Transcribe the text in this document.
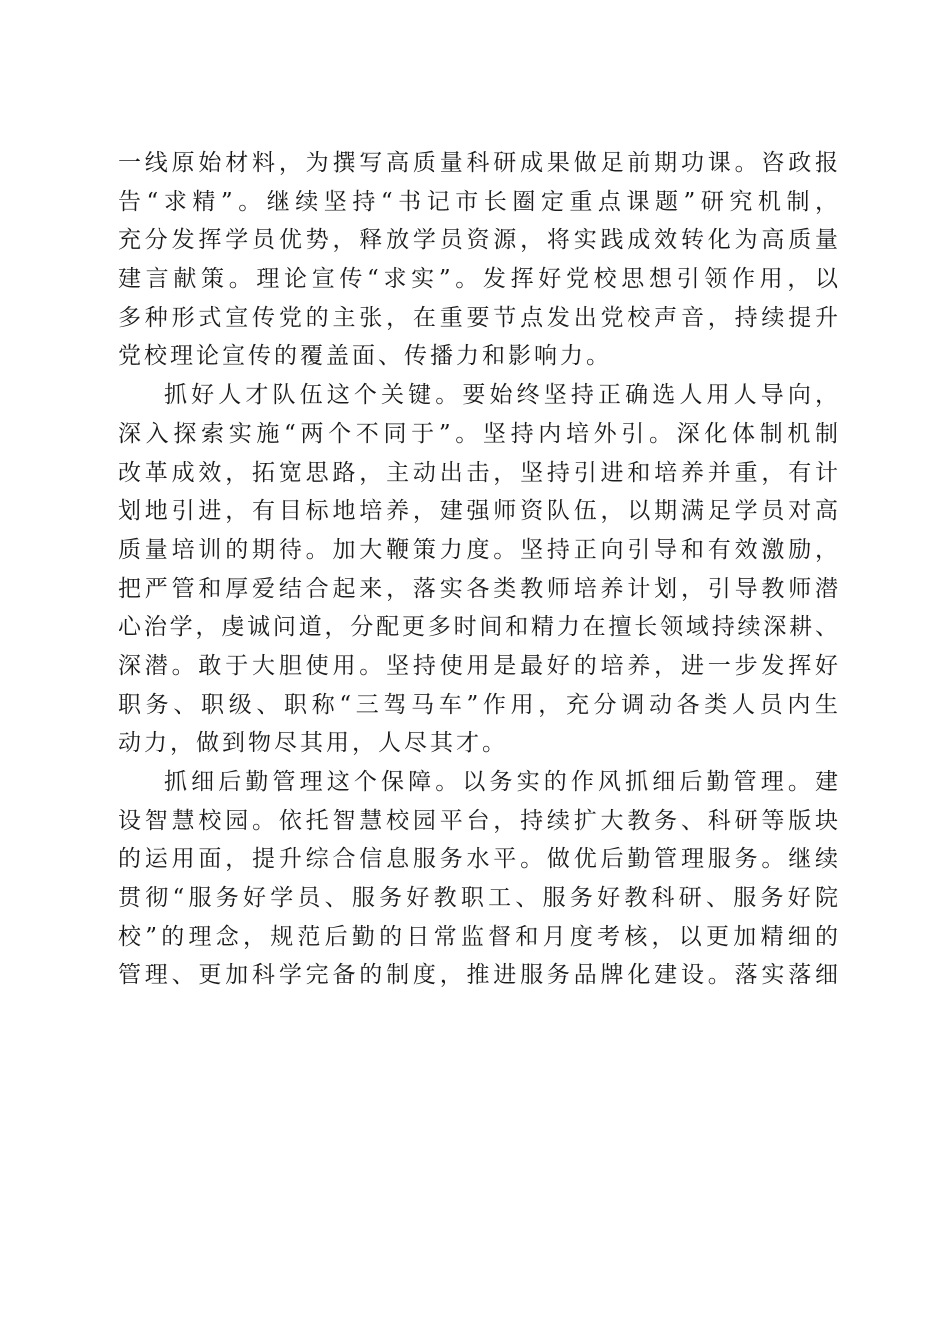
一线原始材料，为撰写高质量科研成果做足前期功课。咨政报
告“求精”。继续坚持“书记市长圈定重点课题”研究机制，
充分发挥学员优势，释放学员资源，将实践成效转化为高质量
建言献策。理论宣传“求实”。发挥好党校思想引领作用，以
多种形式宣传党的主张，在重要节点发出党校声音，持续提升
党校理论宣传的覆盖面、传播力和影响力。
抓好人才队伍这个关键。要始终坚持正确选人用人导向，
深入探索实施“两个不同于”。坚持内培外引。深化体制机制
改革成效，拓宽思路，主动出击，坚持引进和培养并重，有计
划地引进，有目标地培养，建强师资队伍，以期满足学员对高
质量培训的期待。加大鞭策力度。坚持正向引导和有效激励，
把严管和厚爱结合起来，落实各类教师培养计划，引导教师潜
心治学，虔诚问道，分配更多时间和精力在擅长领域持续深耕、
深潜。敢于大胆使用。坚持使用是最好的培养，进一步发挥好
职务、职级、职称“三驾马车”作用，充分调动各类人员内生
动力，做到物尽其用，人尽其才。
抓细后勤管理这个保障。以务实的作风抓细后勤管理。建
设智慧校园。依托智慧校园平台，持续扩大教务、科研等版块
的运用面，提升综合信息服务水平。做优后勤管理服务。继续
贯彻“服务好学员、服务好教职工、服务好教科研、服务好院
校”的理念，规范后勤的日常监督和月度考核，以更加精细的
管理、更加科学完备的制度，推进服务品牌化建设。落实落细
